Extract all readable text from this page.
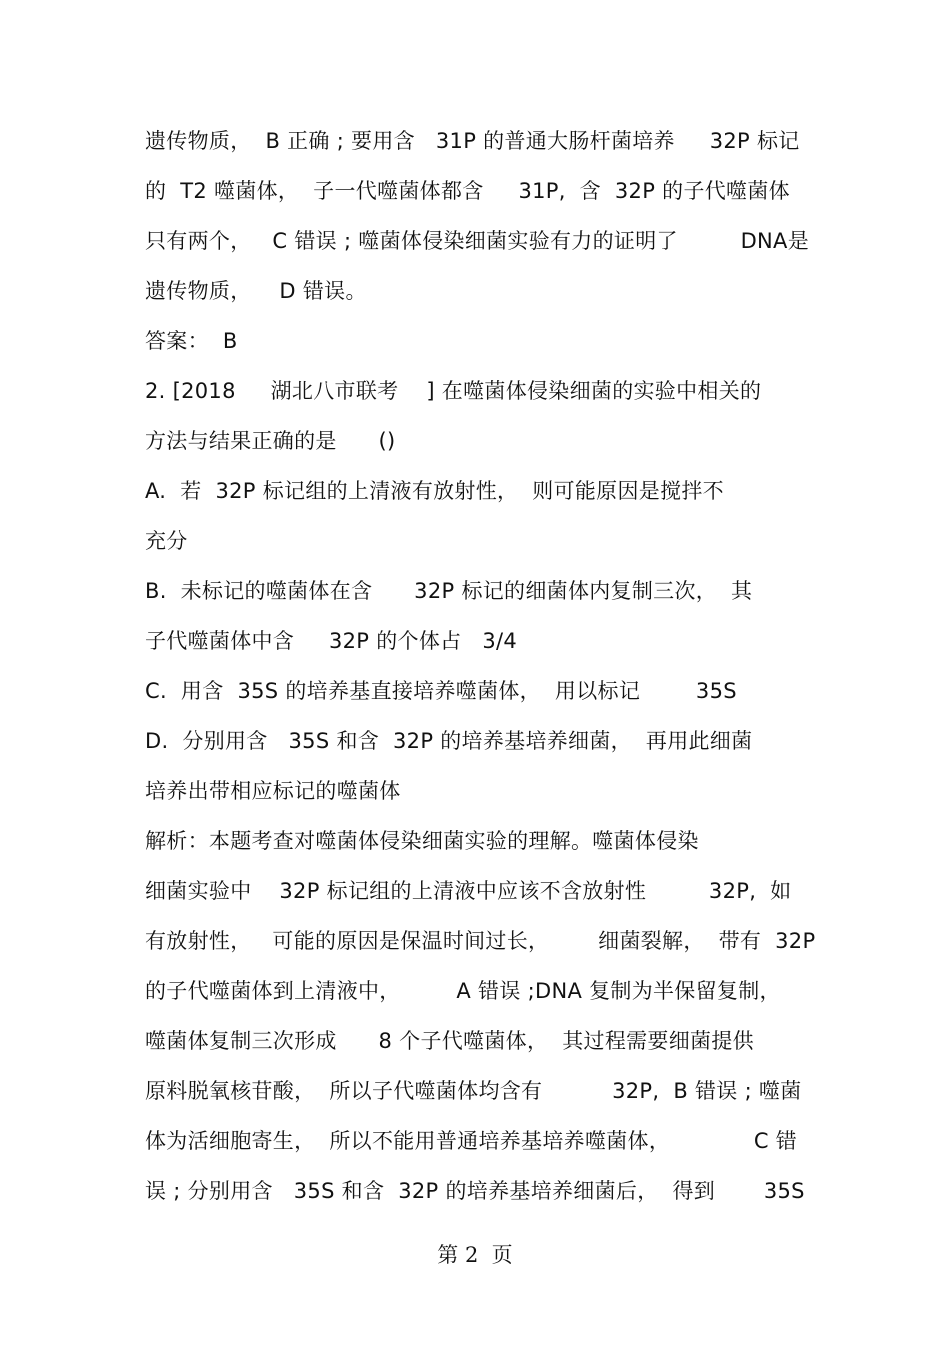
遗传物质，  B 正确 ; 要用含   31P 的普通大肠杆菌培养     32P 标记
的  T2 噬菌体，  子一代噬菌体都含     31P,  含  32P 的子代噬菌体
只有两个，   C 错误 ; 噬菌体侵染细菌实验有力的证明了         DNA是
遗传物质，    D 错误。
答案：  B
2. [2018     湖北八市联考    ] 在噬菌体侵染细菌的实验中相关的
方法与结果正确的是      ()
A.  若  32P 标记组的上清液有放射性，  则可能原因是搅拌不
充分
B.  未标记的噬菌体在含      32P 标记的细菌体内复制三次，  其
子代噬菌体中含     32P 的个体占   3/4
C.  用含  35S 的培养基直接培养噬菌体，  用以标记        35S
D.  分别用含   35S 和含  32P 的培养基培养细菌，  再用此细菌
培养出带相应标记的噬菌体
解析：本题考查对噬菌体侵染细菌实验的理解。噬菌体侵染
细菌实验中    32P 标记组的上清液中应该不含放射性         32P,  如
有放射性，   可能的原因是保温时间过长，       细菌裂解，  带有  32P
的子代噬菌体到上清液中，        A 错误 ;DNA 复制为半保留复制，
噬菌体复制三次形成      8 个子代噬菌体，  其过程需要细菌提供
原料脱氧核苷酸，  所以子代噬菌体均含有          32P,  B 错误 ; 噬菌
体为活细胞寄生，  所以不能用普通培养基培养噬菌体，            C 错
误 ; 分别用含   35S 和含  32P 的培养基培养细菌后，  得到       35S
第 2  页
